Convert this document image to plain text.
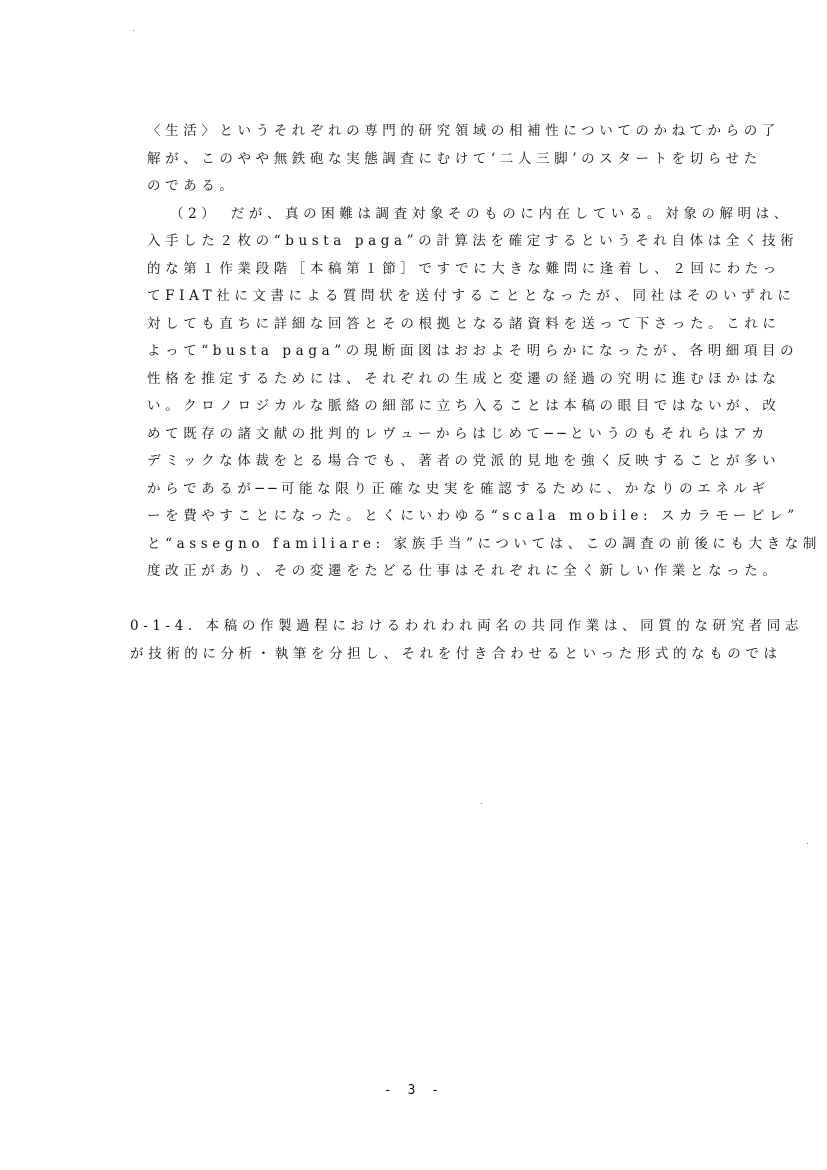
〈生活〉というそれぞれの専門的研究領域の相補性についてのかねてからの了
解が、このやや無鉄砲な実態調査にむけて‘二人三脚’のスタートを切らせた
のである。
（2）　だが、真の困難は調査対象そのものに内在している。対象の解明は、
入手した２枚の“busta paga”の計算法を確定するというそれ自体は全く技術
的な第１作業段階［本稿第１節］ですでに大きな難問に逢着し、２回にわたっ
てFIAT社に文書による質問状を送付することとなったが、同社はそのいずれに
対しても直ちに詳細な回答とその根拠となる諸資料を送って下さった。これに
よって“busta paga”の現断面図はおおよそ明らかになったが、各明細項目の
性格を推定するためには、それぞれの生成と変遷の経過の究明に進むほかはな
い。クロノロジカルな脈絡の細部に立ち入ることは本稿の眼目ではないが、改
めて既存の諸文献の批判的レヴューからはじめて──というのもそれらはアカ
デミックな体裁をとる場合でも、著者の党派的見地を強く反映することが多い
からであるが──可能な限り正確な史実を確認するために、かなりのエネルギ
ーを費やすことになった。とくにいわゆる“scala mobile: スカラモービレ”
と“assegno familiare: 家族手当”については、この調査の前後にも大きな制
度改正があり、その変遷をたどる仕事はそれぞれに全く新しい作業となった。
0-1-4. 本稿の作製過程におけるわれわれ両名の共同作業は、同質的な研究者同志
が技術的に分析・執筆を分担し、それを付き合わせるといった形式的なものでは
- 3 -
